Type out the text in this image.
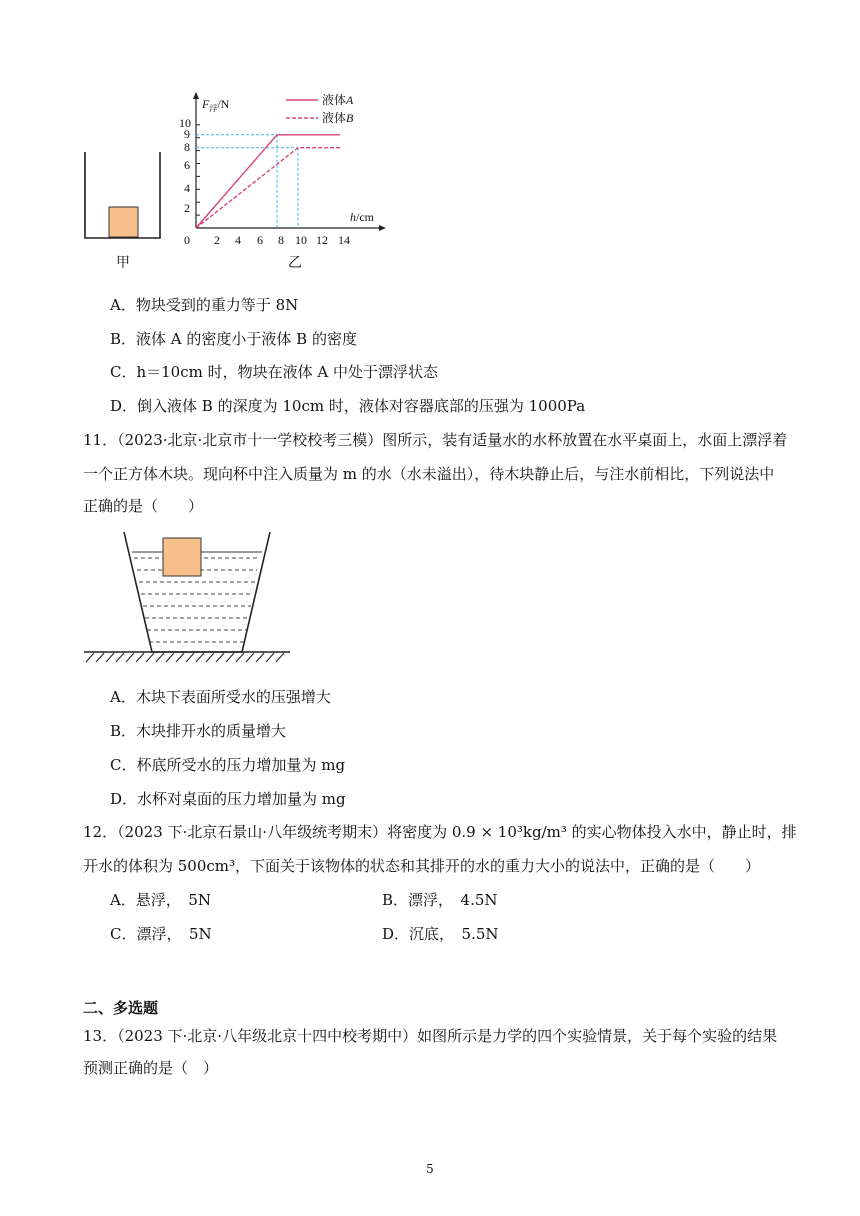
甲
10
9
8
6
4
2
0 2 4 6 8 10 12 14
$F_浮/N$
h/cm
液体A
液体B
乙
A．物块受到的重力等于 8N
B．液体 A 的密度小于液体 B 的密度
C．h＝10cm 时，物块在液体 A 中处于漂浮状态
D．倒入液体 B 的深度为 10cm 时，液体对容器底部的压强为 1000Pa
11．（2023·北京·北京市十一学校校考三模）图所示，装有适量水的水杯放置在水平桌面上，水面上漂浮着
一个正方体木块。现向杯中注入质量为 m 的水（水未溢出），待木块静止后，与注水前相比，下列说法中
正确的是（　　）
A．木块下表面所受水的压强增大
B．木块排开水的质量增大
C．杯底所受水的压力增加量为 mg
D．水杯对桌面的压力增加量为 mg
12．（2023 下·北京石景山·八年级统考期末）将密度为 0.9 × 10³kg/m³ 的实心物体投入水中，静止时，排
开水的体积为 500cm³，下面关于该物体的状态和其排开的水的重力大小的说法中，正确的是（　　）
A．悬浮，　5N	B．漂浮，　4.5N
C．漂浮，　5N	D．沉底，　5.5N
二、多选题
13．（2023 下·北京·八年级北京十四中校考期中）如图所示是力学的四个实验情景，关于每个实验的结果
预测正确的是（　）
5
